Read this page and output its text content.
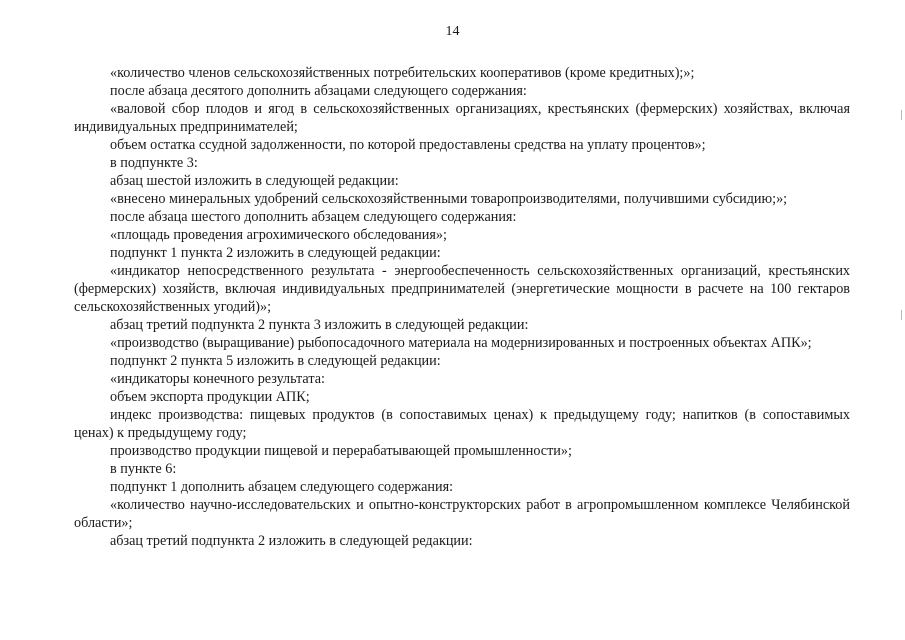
14

«количество членов сельскохозяйственных потребительских кооперативов (кроме кредитных);»;

после абзаца десятого дополнить абзацами следующего содержания:

«валовой сбор плодов и ягод в сельскохозяйственных организациях, крестьянских (фермерских) хозяйствах, включая индивидуальных предпринимателей;

объем остатка ссудной задолженности, по которой предоставлены средства на уплату процентов»;

в подпункте 3:

абзац шестой изложить в следующей редакции:

«внесено минеральных удобрений сельскохозяйственными товаропроизводителями, получившими субсидию;»;

после абзаца шестого дополнить абзацем следующего содержания:

«площадь проведения агрохимического обследования»;

подпункт 1 пункта 2 изложить в следующей редакции:

«индикатор непосредственного результата - энергообеспеченность сельскохозяйственных организаций, крестьянских (фермерских) хозяйств, включая индивидуальных предпринимателей (энергетические мощности в расчете на 100 гектаров сельскохозяйственных угодий)»;

абзац третий подпункта 2 пункта 3 изложить в следующей редакции:

«производство (выращивание) рыбопосадочного материала на модернизированных и построенных объектах АПК»;

подпункт 2 пункта 5 изложить в следующей редакции:

«индикаторы конечного результата:

объем экспорта продукции АПК;

индекс производства: пищевых продуктов (в сопоставимых ценах) к предыдущему году; напитков (в сопоставимых ценах) к предыдущему году;

производство продукции пищевой и перерабатывающей промышленности»;

в пункте 6:

подпункт 1 дополнить абзацем следующего содержания:

«количество научно-исследовательских и опытно-конструкторских работ в агропромышленном комплексе Челябинской области»;

абзац третий подпункта 2 изложить в следующей редакции:
